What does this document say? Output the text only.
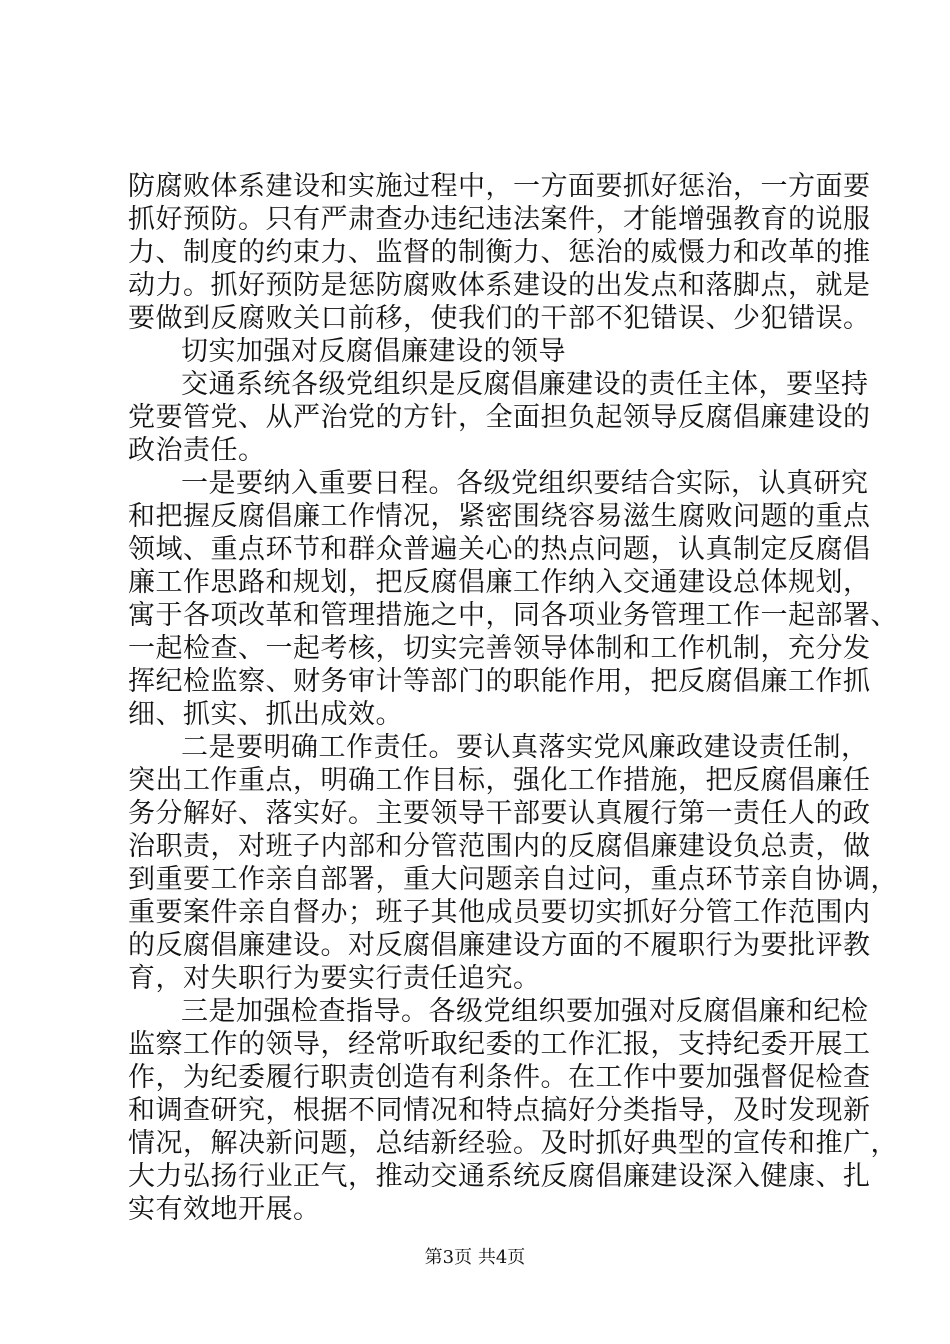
防腐败体系建设和实施过程中，一方面要抓好惩治，一方面要
抓好预防。只有严肃查办违纪违法案件，才能增强教育的说服
力、制度的约束力、监督的制衡力、惩治的威慑力和改革的推
动力。抓好预防是惩防腐败体系建设的出发点和落脚点，就是
要做到反腐败关口前移，使我们的干部不犯错误、少犯错误。
切实加强对反腐倡廉建设的领导
交通系统各级党组织是反腐倡廉建设的责任主体，要坚持
党要管党、从严治党的方针，全面担负起领导反腐倡廉建设的
政治责任。
一是要纳入重要日程。各级党组织要结合实际，认真研究
和把握反腐倡廉工作情况，紧密围绕容易滋生腐败问题的重点
领域、重点环节和群众普遍关心的热点问题，认真制定反腐倡
廉工作思路和规划，把反腐倡廉工作纳入交通建设总体规划，
寓于各项改革和管理措施之中，同各项业务管理工作一起部署、
一起检查、一起考核，切实完善领导体制和工作机制，充分发
挥纪检监察、财务审计等部门的职能作用，把反腐倡廉工作抓
细、抓实、抓出成效。
二是要明确工作责任。要认真落实党风廉政建设责任制，
突出工作重点，明确工作目标，强化工作措施，把反腐倡廉任
务分解好、落实好。主要领导干部要认真履行第一责任人的政
治职责，对班子内部和分管范围内的反腐倡廉建设负总责，做
到重要工作亲自部署，重大问题亲自过问，重点环节亲自协调，
重要案件亲自督办；班子其他成员要切实抓好分管工作范围内
的反腐倡廉建设。对反腐倡廉建设方面的不履职行为要批评教
育，对失职行为要实行责任追究。
三是加强检查指导。各级党组织要加强对反腐倡廉和纪检
监察工作的领导，经常听取纪委的工作汇报，支持纪委开展工
作，为纪委履行职责创造有利条件。在工作中要加强督促检查
和调查研究，根据不同情况和特点搞好分类指导，及时发现新
情况，解决新问题，总结新经验。及时抓好典型的宣传和推广，
大力弘扬行业正气，推动交通系统反腐倡廉建设深入健康、扎
实有效地开展。
第3页 共4页
